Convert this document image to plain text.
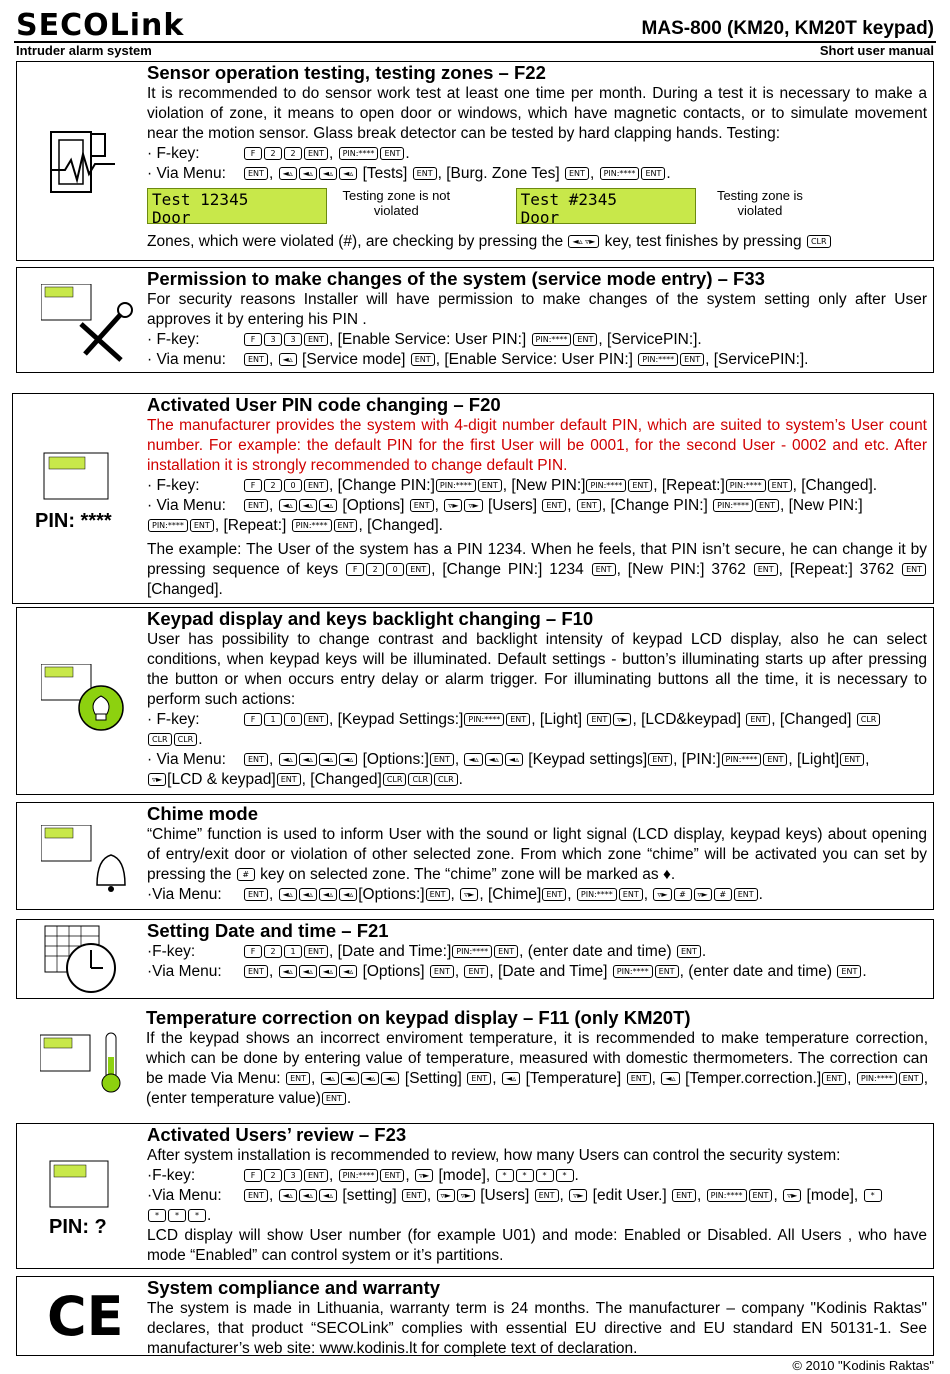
SECOLink
Intruder alarm system
MAS-800 (KM20, KM20T keypad)
Short user manual
Sensor operation testing, testing zones – F22
It is recommended to do sensor work test at least one time per month. During a test it is necessary to make a violation of zone, it means to open door or windows, which have magnetic contacts, or to simulate movement near the motion sensor. Glass break detector can be tested by hard clapping hands. Testing:
· F-key:	F 2 2 ENT , PIN:**** ENT .
· Via Menu:	ENT , ◄▵ ◄▵ ◄▵ ◄▵ [Tests] ENT , [Burg. Zone Tes] ENT , PIN:**** ENT .
Test 12345
Door
Testing zone is not violated
Test #2345
Door
Testing zone is violated
Zones, which were violated (#), are checking by pressing the ◄▵ ▿► key, test finishes by pressing CLR
Permission to make changes of the system (service mode entry) – F33
For security reasons Installer will have permission to make changes of the system setting only after User approves it by entering his PIN .
· F-key:	F 3 3 ENT , [Enable Service: User PIN:] PIN:**** ENT , [ServicePIN:].
· Via menu:	ENT , ◄▵ [Service mode] ENT , [Enable Service: User PIN:] PIN:**** ENT , [ServicePIN:].
PIN: ****
Activated User PIN code changing – F20
The manufacturer provides the system with 4-digit number default PIN, which are suited to system’s User count number. For example: the default PIN for the first User will be 0001, for the second User - 0002 and etc. After installation it is strongly recommended to change default PIN.
· F-key:	F 2 0 ENT , [Change PIN:] PIN:**** ENT , [New PIN:] PIN:**** ENT , [Repeat:] PIN:**** ENT , [Changed].
· Via Menu:	ENT , ◄▵ ◄▵ ◄▵ [Options] ENT , ▿► ▿► [Users] ENT , ENT , [Change PIN:] PIN:**** ENT , [New PIN:]
PIN:**** ENT , [Repeat:] PIN:**** ENT , [Changed].
The example: The User of the system has a PIN 1234. When he feels, that PIN isn’t secure, he can change it by pressing sequence of keys F 2 0 ENT , [Change PIN:] 1234 ENT , [New PIN:] 3762 ENT , [Repeat:] 3762 ENT [Changed].
Keypad display and keys backlight changing – F10
User has possibility to change contrast and backlight intensity of keypad LCD display, also he can select conditions, when keypad keys will be illuminated. Default settings - button’s illuminating starts up after pressing the button or when occurs entry delay or alarm trigger. For illuminating buttons all the time, it is necessary to perform such actions:
· F-key:	F 1 0 ENT , [Keypad Settings:] PIN:**** ENT , [Light] ENT ▿► , [LCD&keypad] ENT , [Changed] CLR
CLR CLR .
· Via Menu:	ENT , ◄▵ ◄▵ ◄▵ ◄▵ [Options:] ENT , ◄▵ ◄▵ ◄▵ [Keypad settings] ENT , [PIN:] PIN:**** ENT , [Light] ENT ,
▿► [LCD & keypad] ENT , [Changed] CLR CLR CLR .
Chime mode
“Chime” function is used to inform User with the sound or light signal (LCD display, keypad keys) about opening of entry/exit door or violation of other selected zone. From which zone “chime” will be activated you can set by pressing the # key on selected zone. The “chime” zone will be marked as ♦.
·Via Menu:	ENT , ◄▵ ◄▵ ◄▵ ◄▵ [Options:] ENT , ▿► , [Chime] ENT , PIN:**** ENT , ▿► # ▿► # ENT .
Setting Date and time – F21
·F-key:	F 2 1 ENT , [Date and Time:] PIN:**** ENT , (enter date and time) ENT .
·Via Menu:	ENT , ◄▵ ◄▵ ◄▵ ◄▵ [Options] ENT , ENT , [Date and Time] PIN:**** ENT , (enter date and time) ENT .
Temperature correction on keypad display – F11 (only KM20T)
If the keypad shows an incorrect enviroment temperature, it is recommended to make temperature correction, which can be done by entering value of temperature, measured with domestic thermometers. The correction can be made Via Menu: ENT , ◄▵ ◄▵ ◄▵ ◄▵ [Setting] ENT , ◄▵ [Temperature] ENT , ◄▵ [Temper.correction.] ENT , PIN:**** ENT , (enter temperature value) ENT .
PIN: ?
Activated Users’ review – F23
After system installation is recommended to review, how many Users can control the security system:
·F-key:	F 2 3 ENT , PIN:**** ENT , ▿► [mode], * * * * .
·Via Menu:	ENT , ◄▵ ◄▵ ◄▵ [setting] ENT , ▿► ▿► [Users] ENT , ▿► [edit User.] ENT , PIN:**** ENT , ▿► [mode], *
* * * .
LCD display will show User number (for example U01) and mode: Enabled or Disabled. All Users , who have mode “Enabled” can control system or it’s partitions.
CE	System compliance and warranty
The system is made in Lithuania, warranty term is 24 months. The manufacturer – company "Kodinis Raktas" declares, that product “SECOLink” complies with essential EU directive and EU standard EN 50131-1. See manufacturer’s web site: www.kodinis.lt for complete text of declaration.
© 2010 "Kodinis Raktas"
